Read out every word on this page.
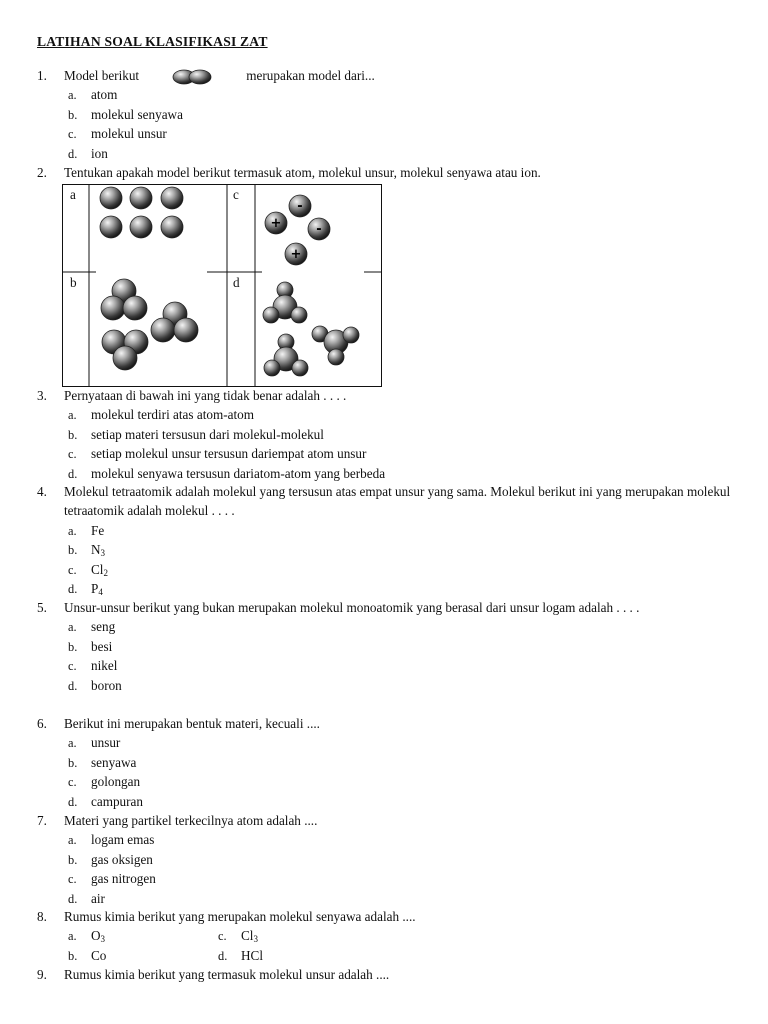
LATIHAN SOAL KLASIFIKASI ZAT
1. Model berikut	merupakan model dari...
a. atom
b. molekul senyawa
c. molekul unsur
d. ion
2. Tentukan apakah model berikut termasuk atom, molekul unsur, molekul senyawa atau ion.
-
+	-
+
a	c
b	d
3. Pernyataan di bawah ini yang tidak benar adalah . . . .
a. molekul terdiri atas atom-atom
b. setiap materi tersusun dari molekul-molekul
c. setiap molekul unsur tersusun dariempat atom unsur
d. molekul senyawa tersusun dariatom-atom yang berbeda
4. Molekul tetraatomik adalah molekul yang tersusun atas empat unsur yang sama. Molekul berikut ini yang merupakan molekul tetraatomik adalah molekul . . . .
a. Fe
b. $N_3$
c. $Cl_2$
d. $P_4$
5. Unsur-unsur berikut yang bukan merupakan molekul monoatomik yang berasal dari unsur logam adalah . . . .
a. seng
b. besi
c. nikel
d. boron
6. Berikut ini merupakan bentuk materi, kecuali ....
a. unsur
b. senyawa
c. golongan
d. campuran
7. Materi yang partikel terkecilnya atom adalah ....
a. logam emas
b. gas oksigen
c. gas nitrogen
d. air
8. Rumus kimia berikut yang merupakan molekul senyawa adalah ....
a. $O_3$
b. Co
c. $Cl_3$
d. HCl
9. Rumus kimia berikut yang termasuk molekul unsur adalah ....
